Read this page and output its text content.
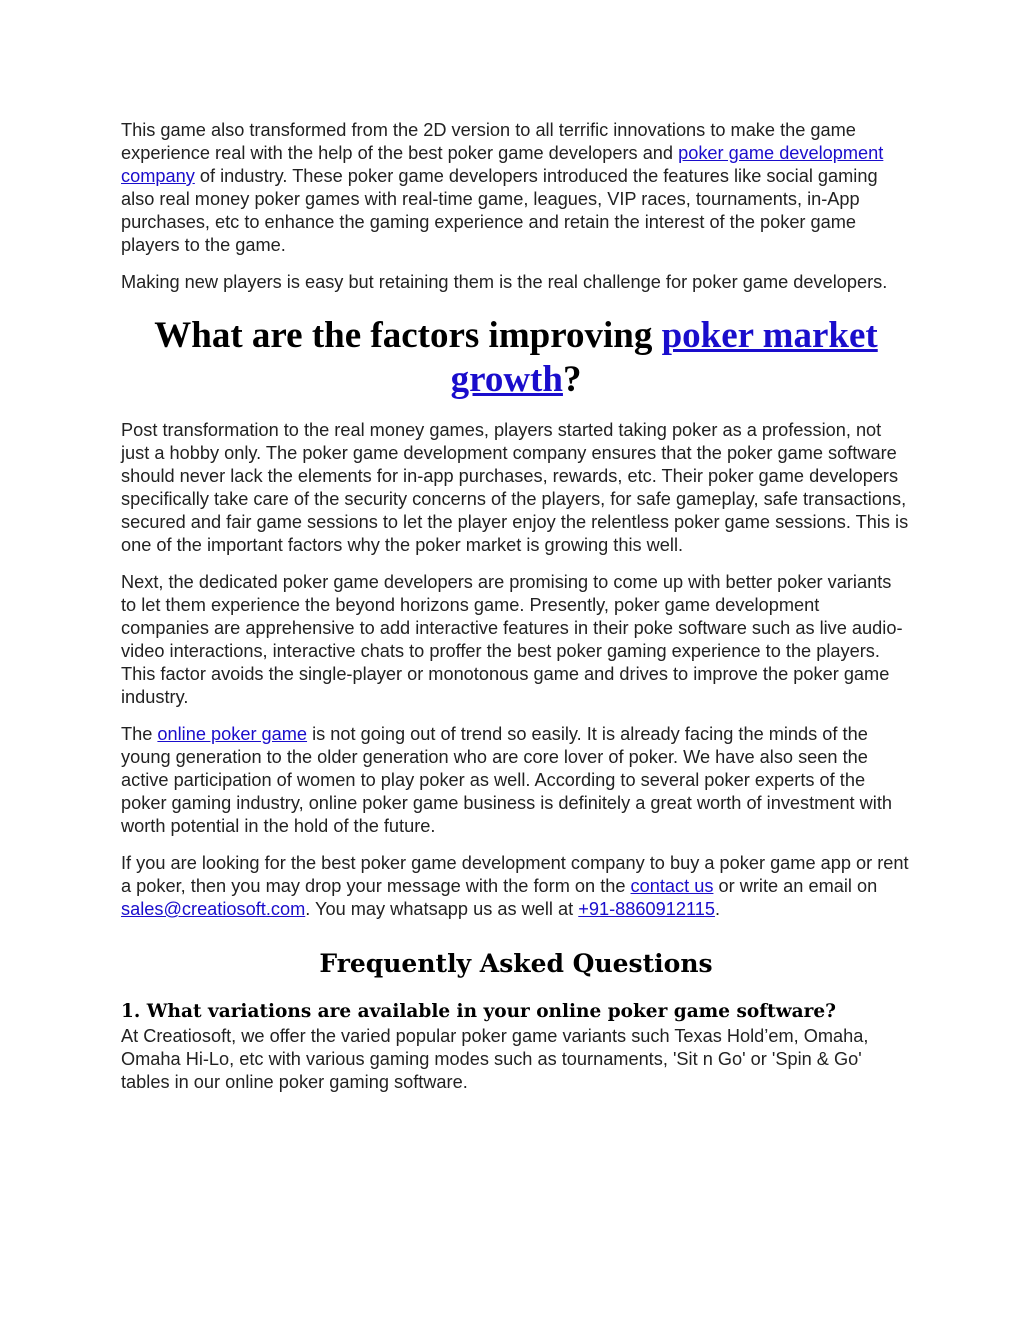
This game also transformed from the 2D version to all terrific innovations to make the game experience real with the help of the best poker game developers and poker game development company of industry. These poker game developers introduced the features like social gaming also real money poker games with real-time game, leagues, VIP races, tournaments, in-App purchases, etc to enhance the gaming experience and retain the interest of the poker game players to the game.

Making new players is easy but retaining them is the real challenge for poker game developers.

What are the factors improving poker market growth?

Post transformation to the real money games, players started taking poker as a profession, not just a hobby only. The poker game development company ensures that the poker game software should never lack the elements for in-app purchases, rewards, etc. Their poker game developers specifically take care of the security concerns of the players, for safe gameplay, safe transactions, secured and fair game sessions to let the player enjoy the relentless poker game sessions. This is one of the important factors why the poker market is growing this well.

Next, the dedicated poker game developers are promising to come up with better poker variants to let them experience the beyond horizons game. Presently, poker game development companies are apprehensive to add interactive features in their poke software such as live audio-video interactions, interactive chats to proffer the best poker gaming experience to the players. This factor avoids the single-player or monotonous game and drives to improve the poker game industry.

The online poker game is not going out of trend so easily. It is already facing the minds of the young generation to the older generation who are core lover of poker. We have also seen the active participation of women to play poker as well. According to several poker experts of the poker gaming industry, online poker game business is definitely a great worth of investment with worth potential in the hold of the future.

If you are looking for the best poker game development company to buy a poker game app or rent a poker, then you may drop your message with the form on the contact us or write an email on sales@creatiosoft.com. You may whatsapp us as well at +91-8860912115.

Frequently Asked Questions
1. What variations are available in your online poker game software?

At Creatiosoft, we offer the varied popular poker game variants such Texas Hold’em, Omaha, Omaha Hi-Lo, etc with various gaming modes such as tournaments, 'Sit n Go' or 'Spin & Go' tables in our online poker gaming software.
